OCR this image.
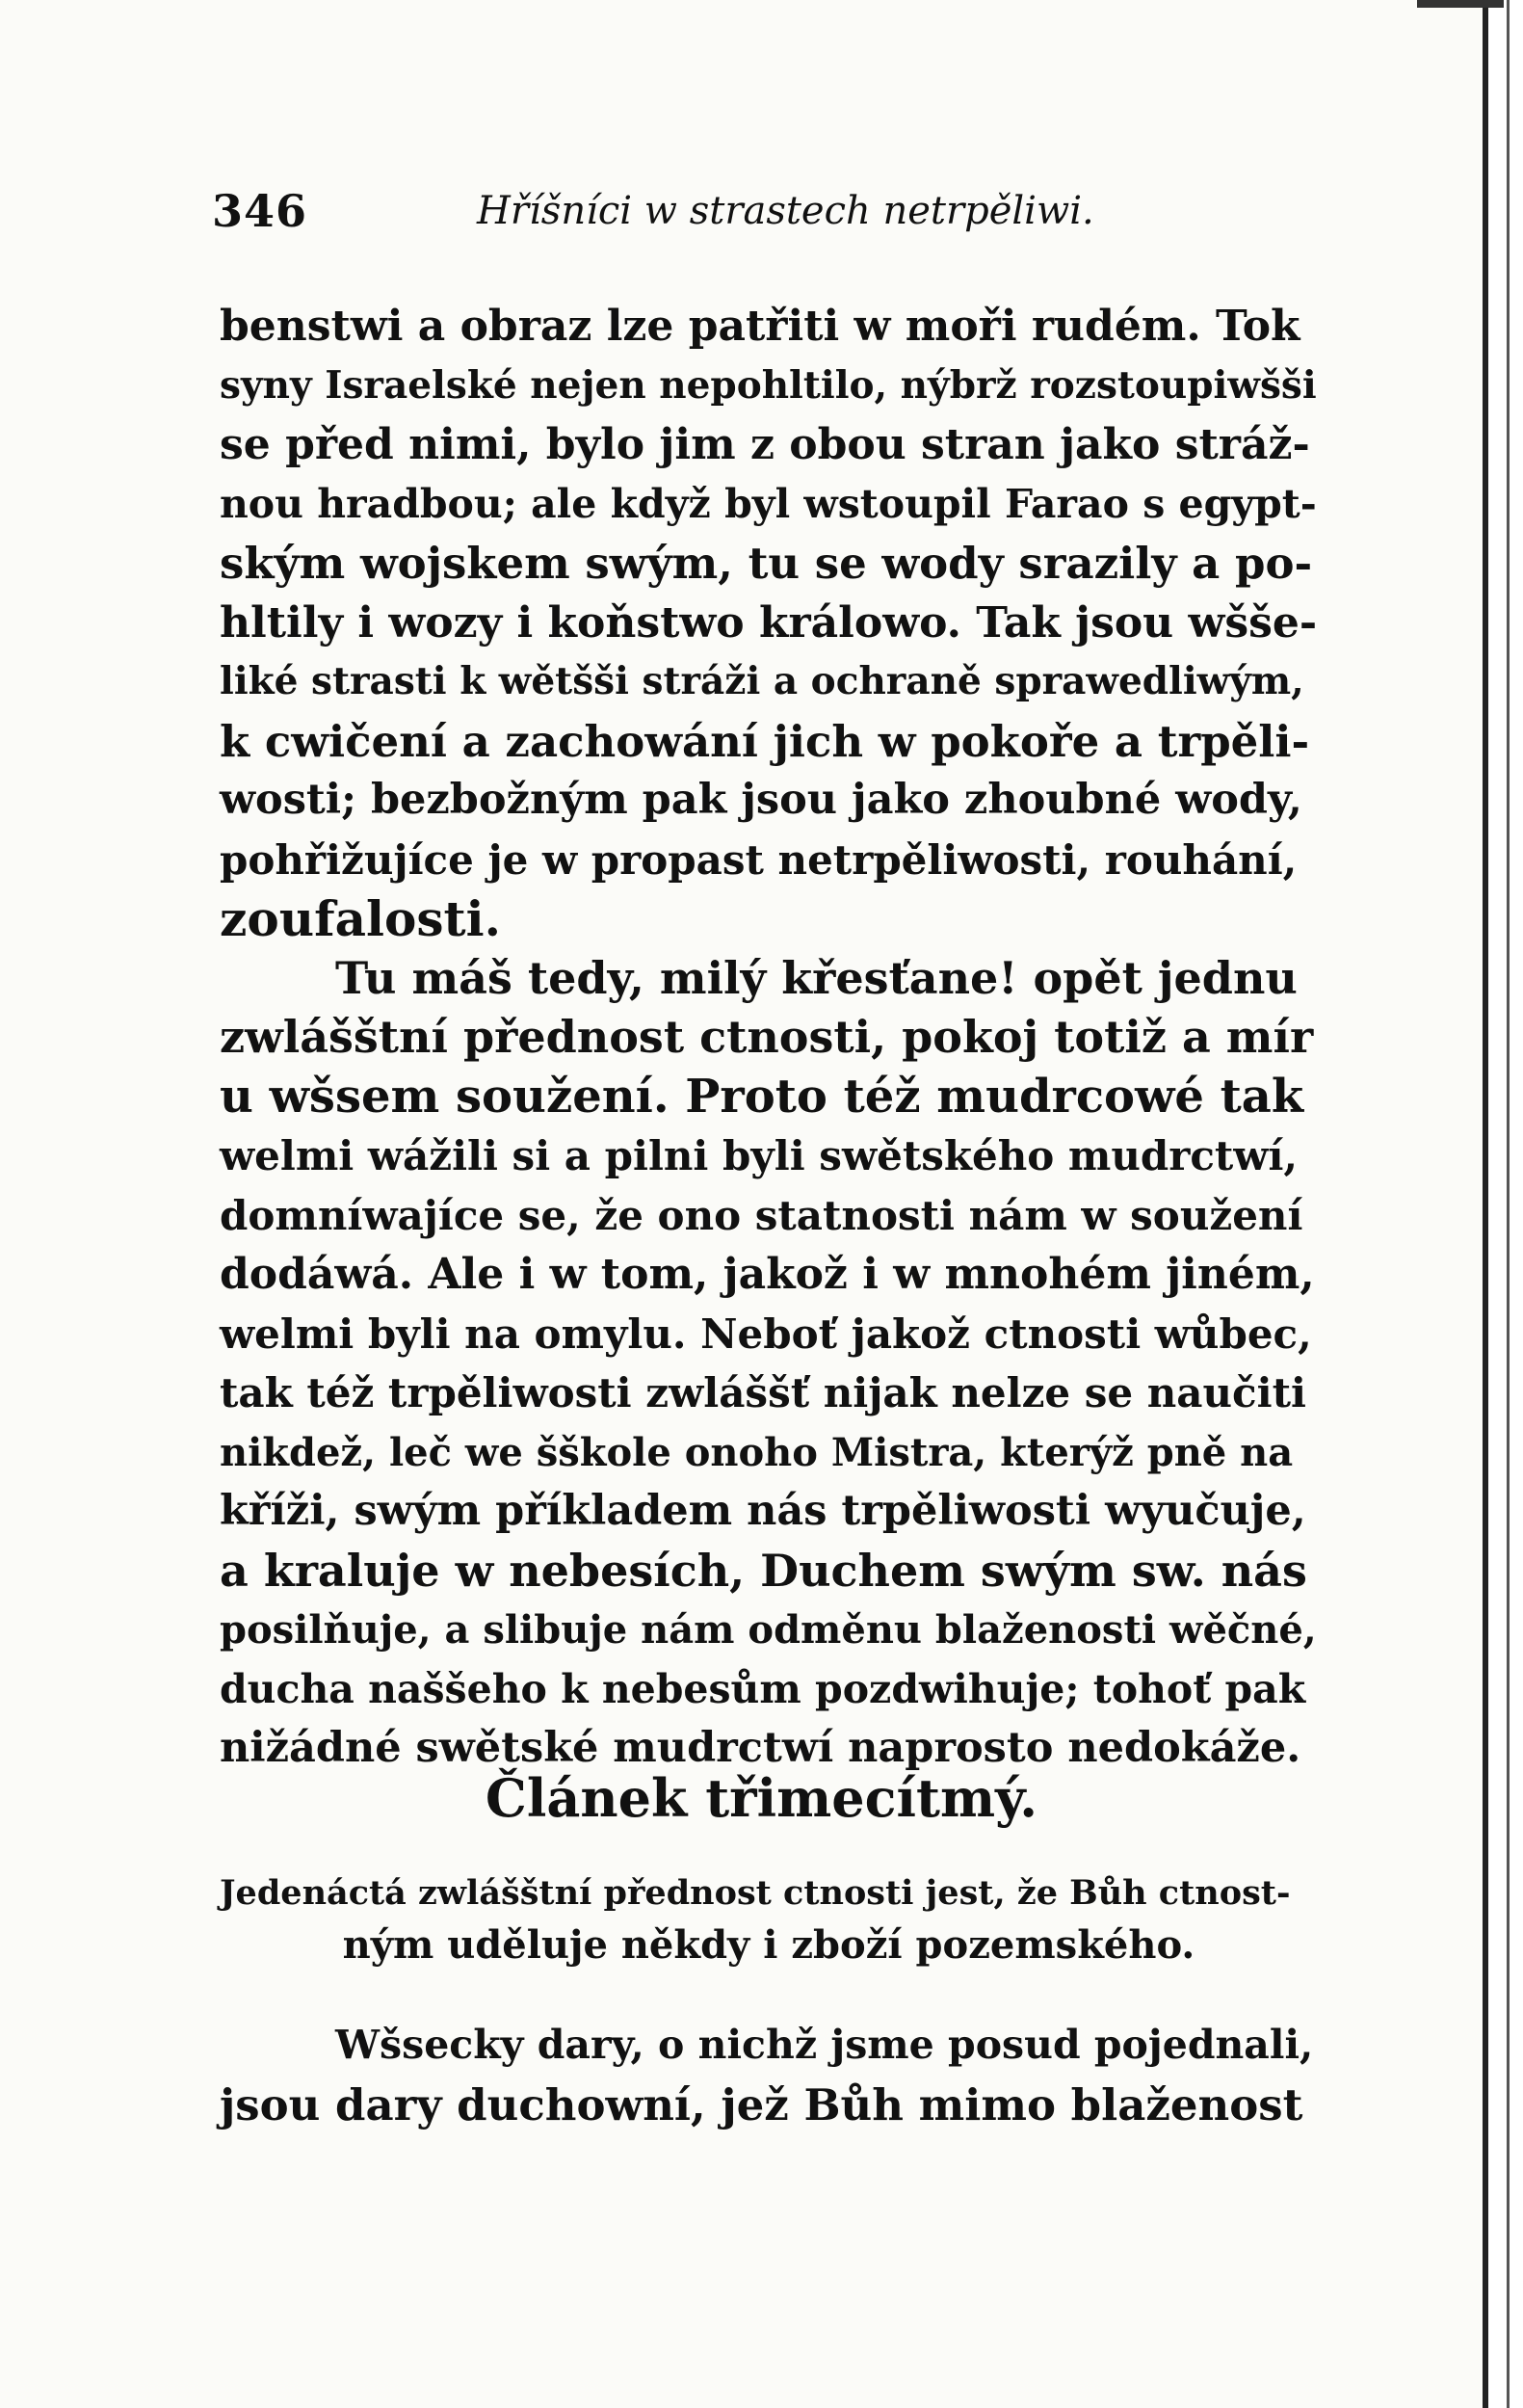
346	Hříšníci w strastech netrpěliwi.
benstwi a obraz lze patřiti w moři rudém. Tok
syny Israelské nejen nepohltilo, nýbrž rozstoupiwšši
se před nimi, bylo jim z obou stran jako stráž-
nou hradbou; ale když byl wstoupil Farao s egypt-
ským wojskem swým, tu se wody srazily a po-
hltily i wozy i koňstwo králowo. Tak jsou wšše-
liké strasti k wětšši stráži a ochraně sprawedliwým,
k cwičení a zachowání jich w pokoře a trpěli-
wosti; bezbožným pak jsou jako zhoubné wody,
pohřižujíce je w propast netrpěliwosti, rouhání,
zoufalosti.
Tu máš tedy, milý křesťane! opět jednu
zwlášštní přednost ctnosti, pokoj totiž a mír
u wšsem soužení. Proto též mudrcowé tak
welmi wážili si a pilni byli swětského mudrctwí,
domníwajíce se, že ono statnosti nám w soužení
dodáwá. Ale i w tom, jakož i w mnohém jiném,
welmi byli na omylu. Neboť jakož ctnosti wůbec,
tak též trpěliwosti zwláššť nijak nelze se naučiti
nikdež, leč we šškole onoho Mistra, kterýž pně na
kříži, swým příkladem nás trpěliwosti wyučuje,
a kraluje w nebesích, Duchem swým sw. nás
posilňuje, a slibuje nám odměnu blaženosti wěčné,
ducha naššeho k nebesům pozdwihuje; tohoť pak
nižádné swětské mudrctwí naprosto nedokáže.
Článek třimecítmý.
Jedenáctá zwlášštní přednost ctnosti jest, že Bůh ctnost-
ným uděluje někdy i zboží pozemského.
Wšsecky dary, o nichž jsme posud pojednali,
jsou dary duchowní, jež Bůh mimo blaženost
